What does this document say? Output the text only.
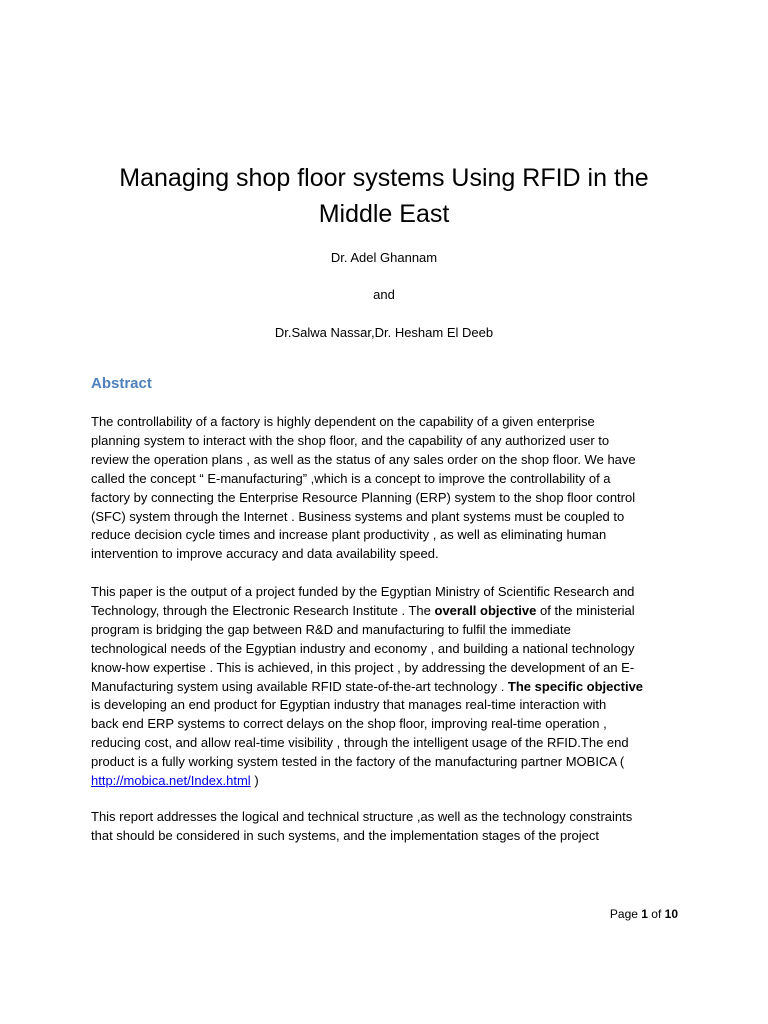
Managing shop floor systems Using RFID in the
Middle East
Dr. Adel Ghannam
and
Dr.Salwa Nassar,Dr. Hesham El Deeb
Abstract

The controllability of a factory is highly dependent on the capability of a given enterprise
planning system to interact with the shop floor, and the capability of any authorized user to
review the operation plans , as well as the status of any sales order on the shop floor. We have
called the concept “ E-manufacturing” ,which is a concept to improve the controllability of a
factory by connecting the Enterprise Resource Planning (ERP) system to the shop floor control
(SFC) system through the Internet . Business systems and plant systems must be coupled to
reduce decision cycle times and increase plant productivity , as well as eliminating human
intervention to improve accuracy and data availability speed.

This paper is the output of a project funded by the Egyptian Ministry of Scientific Research and
Technology, through the Electronic Research Institute . The overall objective of the ministerial
program is bridging the gap between R&D and manufacturing to fulfil the immediate
technological needs of the Egyptian industry and economy , and building a national technology
know-how expertise . This is achieved, in this project , by addressing the development of an E-
Manufacturing system using available RFID state-of-the-art technology . The specific objective
is developing an end product for Egyptian industry that manages real-time interaction with
back end ERP systems to correct delays on the shop floor, improving real-time operation ,
reducing cost, and allow real-time visibility , through the intelligent usage of the RFID.The end
product is a fully working system tested in the factory of the manufacturing partner MOBICA (
http://mobica.net/Index.html )

This report addresses the logical and technical structure ,as well as the technology constraints
that should be considered in such systems, and the implementation stages of the project

Page 1 of 10
